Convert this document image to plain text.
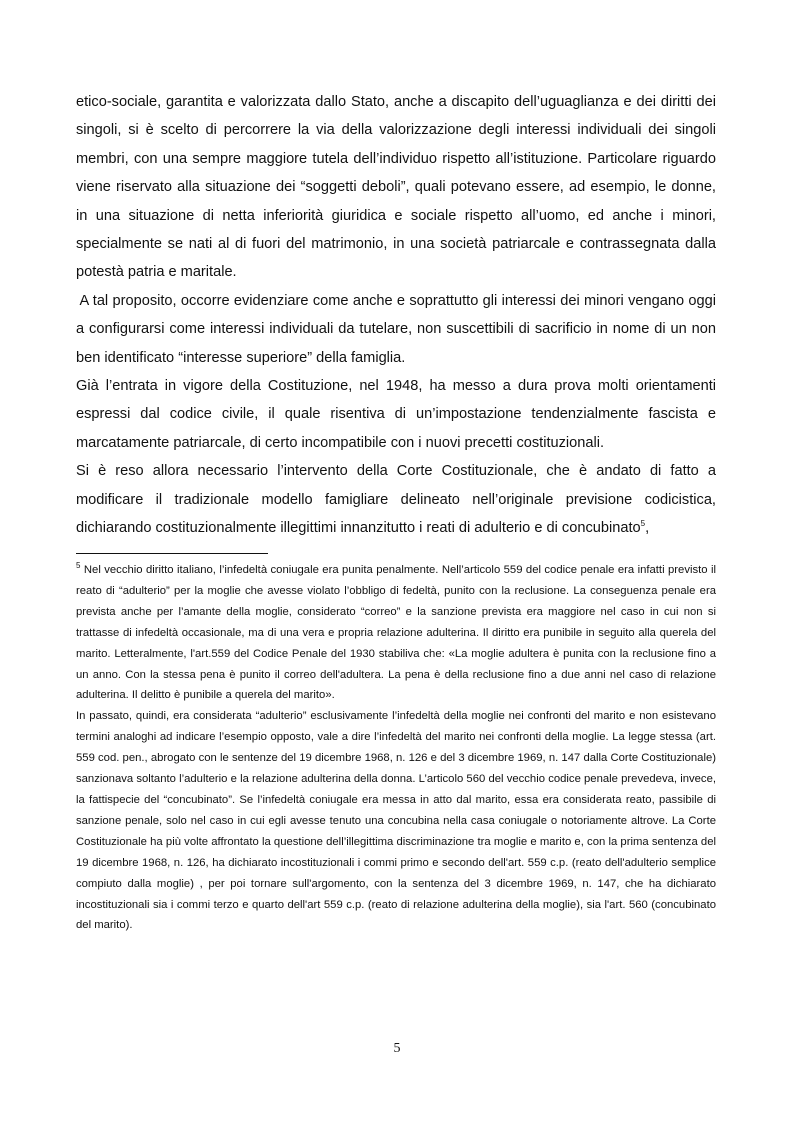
etico-sociale, garantita e valorizzata dallo Stato, anche a discapito dell’uguaglianza e dei diritti dei singoli, si è scelto di percorrere la via della valorizzazione degli interessi individuali dei singoli membri, con una sempre maggiore tutela dell’individuo rispetto all’istituzione. Particolare riguardo viene riservato alla situazione dei “soggetti deboli”, quali potevano essere, ad esempio, le donne, in una situazione di netta inferiorità giuridica e sociale rispetto all’uomo, ed anche i minori, specialmente se nati al di fuori del matrimonio, in una società patriarcale e contrassegnata dalla potestà patria e maritale.

A tal proposito, occorre evidenziare come anche e soprattutto gli interessi dei minori vengano oggi a configurarsi come interessi individuali da tutelare, non suscettibili di sacrificio in nome di un non ben identificato “interesse superiore” della famiglia.

Già l’entrata in vigore della Costituzione, nel 1948, ha messo a dura prova molti orientamenti espressi dal codice civile, il quale risentiva di un’impostazione tendenzialmente fascista e marcatamente patriarcale, di certo incompatibile con i nuovi precetti costituzionali.

Si è reso allora necessario l’intervento della Corte Costituzionale, che è andato di fatto a modificare il tradizionale modello famigliare delineato nell’originale previsione codicistica, dichiarando costituzionalmente illegittimi innanzitutto i reati di adulterio e di concubinato$^5$,

$^5$ Nel vecchio diritto italiano, l’infedeltà coniugale era punita penalmente. Nell’articolo 559 del codice penale era infatti previsto il reato di “adulterio” per la moglie che avesse violato l’obbligo di fedeltà, punito con la reclusione. La conseguenza penale era prevista anche per l’amante della moglie, considerato “correo” e la sanzione prevista era maggiore nel caso in cui non si trattasse di infedeltà occasionale, ma di una vera e propria relazione adulterina. Il diritto era punibile in seguito alla querela del marito. Letteralmente, l'art.559 del Codice Penale del 1930 stabiliva che: «La moglie adultera è punita con la reclusione fino a un anno. Con la stessa pena è punito il correo dell'adultera. La pena è della reclusione fino a due anni nel caso di relazione adulterina. Il delitto è punibile a querela del marito».

In passato, quindi, era considerata “adulterio” esclusivamente l’infedeltà della moglie nei confronti del marito e non esistevano termini analoghi ad indicare l’esempio opposto, vale a dire l’infedeltà del marito nei confronti della moglie. La legge stessa (art. 559 cod. pen., abrogato con le sentenze del 19 dicembre 1968, n. 126 e del 3 dicembre 1969, n. 147 dalla Corte Costituzionale) sanzionava soltanto l’adulterio e la relazione adulterina della donna. L’articolo 560 del vecchio codice penale prevedeva, invece, la fattispecie del “concubinato”. Se l’infedeltà coniugale era messa in atto dal marito, essa era considerata reato, passibile di sanzione penale, solo nel caso in cui egli avesse tenuto una concubina nella casa coniugale o notoriamente altrove. La Corte Costituzionale ha più volte affrontato la questione dell’illegittima discriminazione tra moglie e marito e, con la prima sentenza del 19 dicembre 1968, n. 126, ha dichiarato incostituzionali i commi primo e secondo dell'art. 559 c.p. (reato dell'adulterio semplice compiuto dalla moglie) , per poi tornare sull'argomento, con la sentenza del 3 dicembre 1969, n. 147, che ha dichiarato incostituzionali sia i commi terzo e quarto dell'art 559 c.p. (reato di relazione adulterina della moglie), sia l'art. 560 (concubinato del marito).

5
